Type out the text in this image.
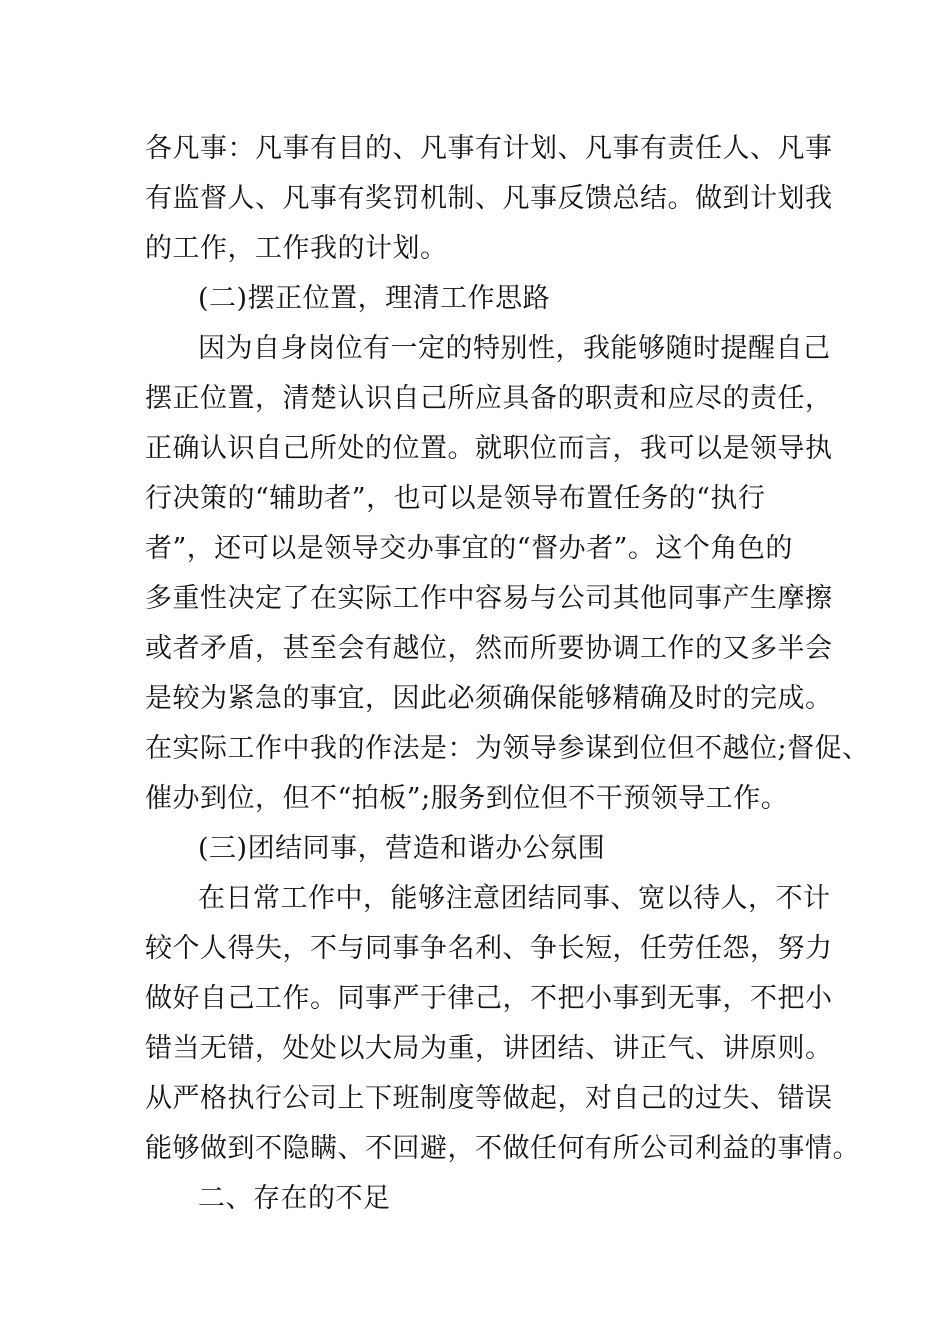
各凡事：凡事有目的、凡事有计划、凡事有责任人、凡事
有监督人、凡事有奖罚机制、凡事反馈总结。做到计划我
的工作，工作我的计划。
(二)摆正位置，理清工作思路
因为自身岗位有一定的特别性，我能够随时提醒自己
摆正位置，清楚认识自己所应具备的职责和应尽的责任，
正确认识自己所处的位置。就职位而言，我可以是领导执
行决策的“辅助者”，也可以是领导布置任务的“执行
者”，还可以是领导交办事宜的“督办者”。这个角色的
多重性决定了在实际工作中容易与公司其他同事产生摩擦
或者矛盾，甚至会有越位，然而所要协调工作的又多半会
是较为紧急的事宜，因此必须确保能够精确及时的完成。
在实际工作中我的作法是：为领导参谋到位但不越位;督促、
催办到位，但不“拍板”;服务到位但不干预领导工作。
(三)团结同事，营造和谐办公氛围
在日常工作中，能够注意团结同事、宽以待人，不计
较个人得失，不与同事争名利、争长短，任劳任怨，努力
做好自己工作。同事严于律己，不把小事到无事，不把小
错当无错，处处以大局为重，讲团结、讲正气、讲原则。
从严格执行公司上下班制度等做起，对自己的过失、错误
能够做到不隐瞒、不回避，不做任何有所公司利益的事情。
二、存在的不足
